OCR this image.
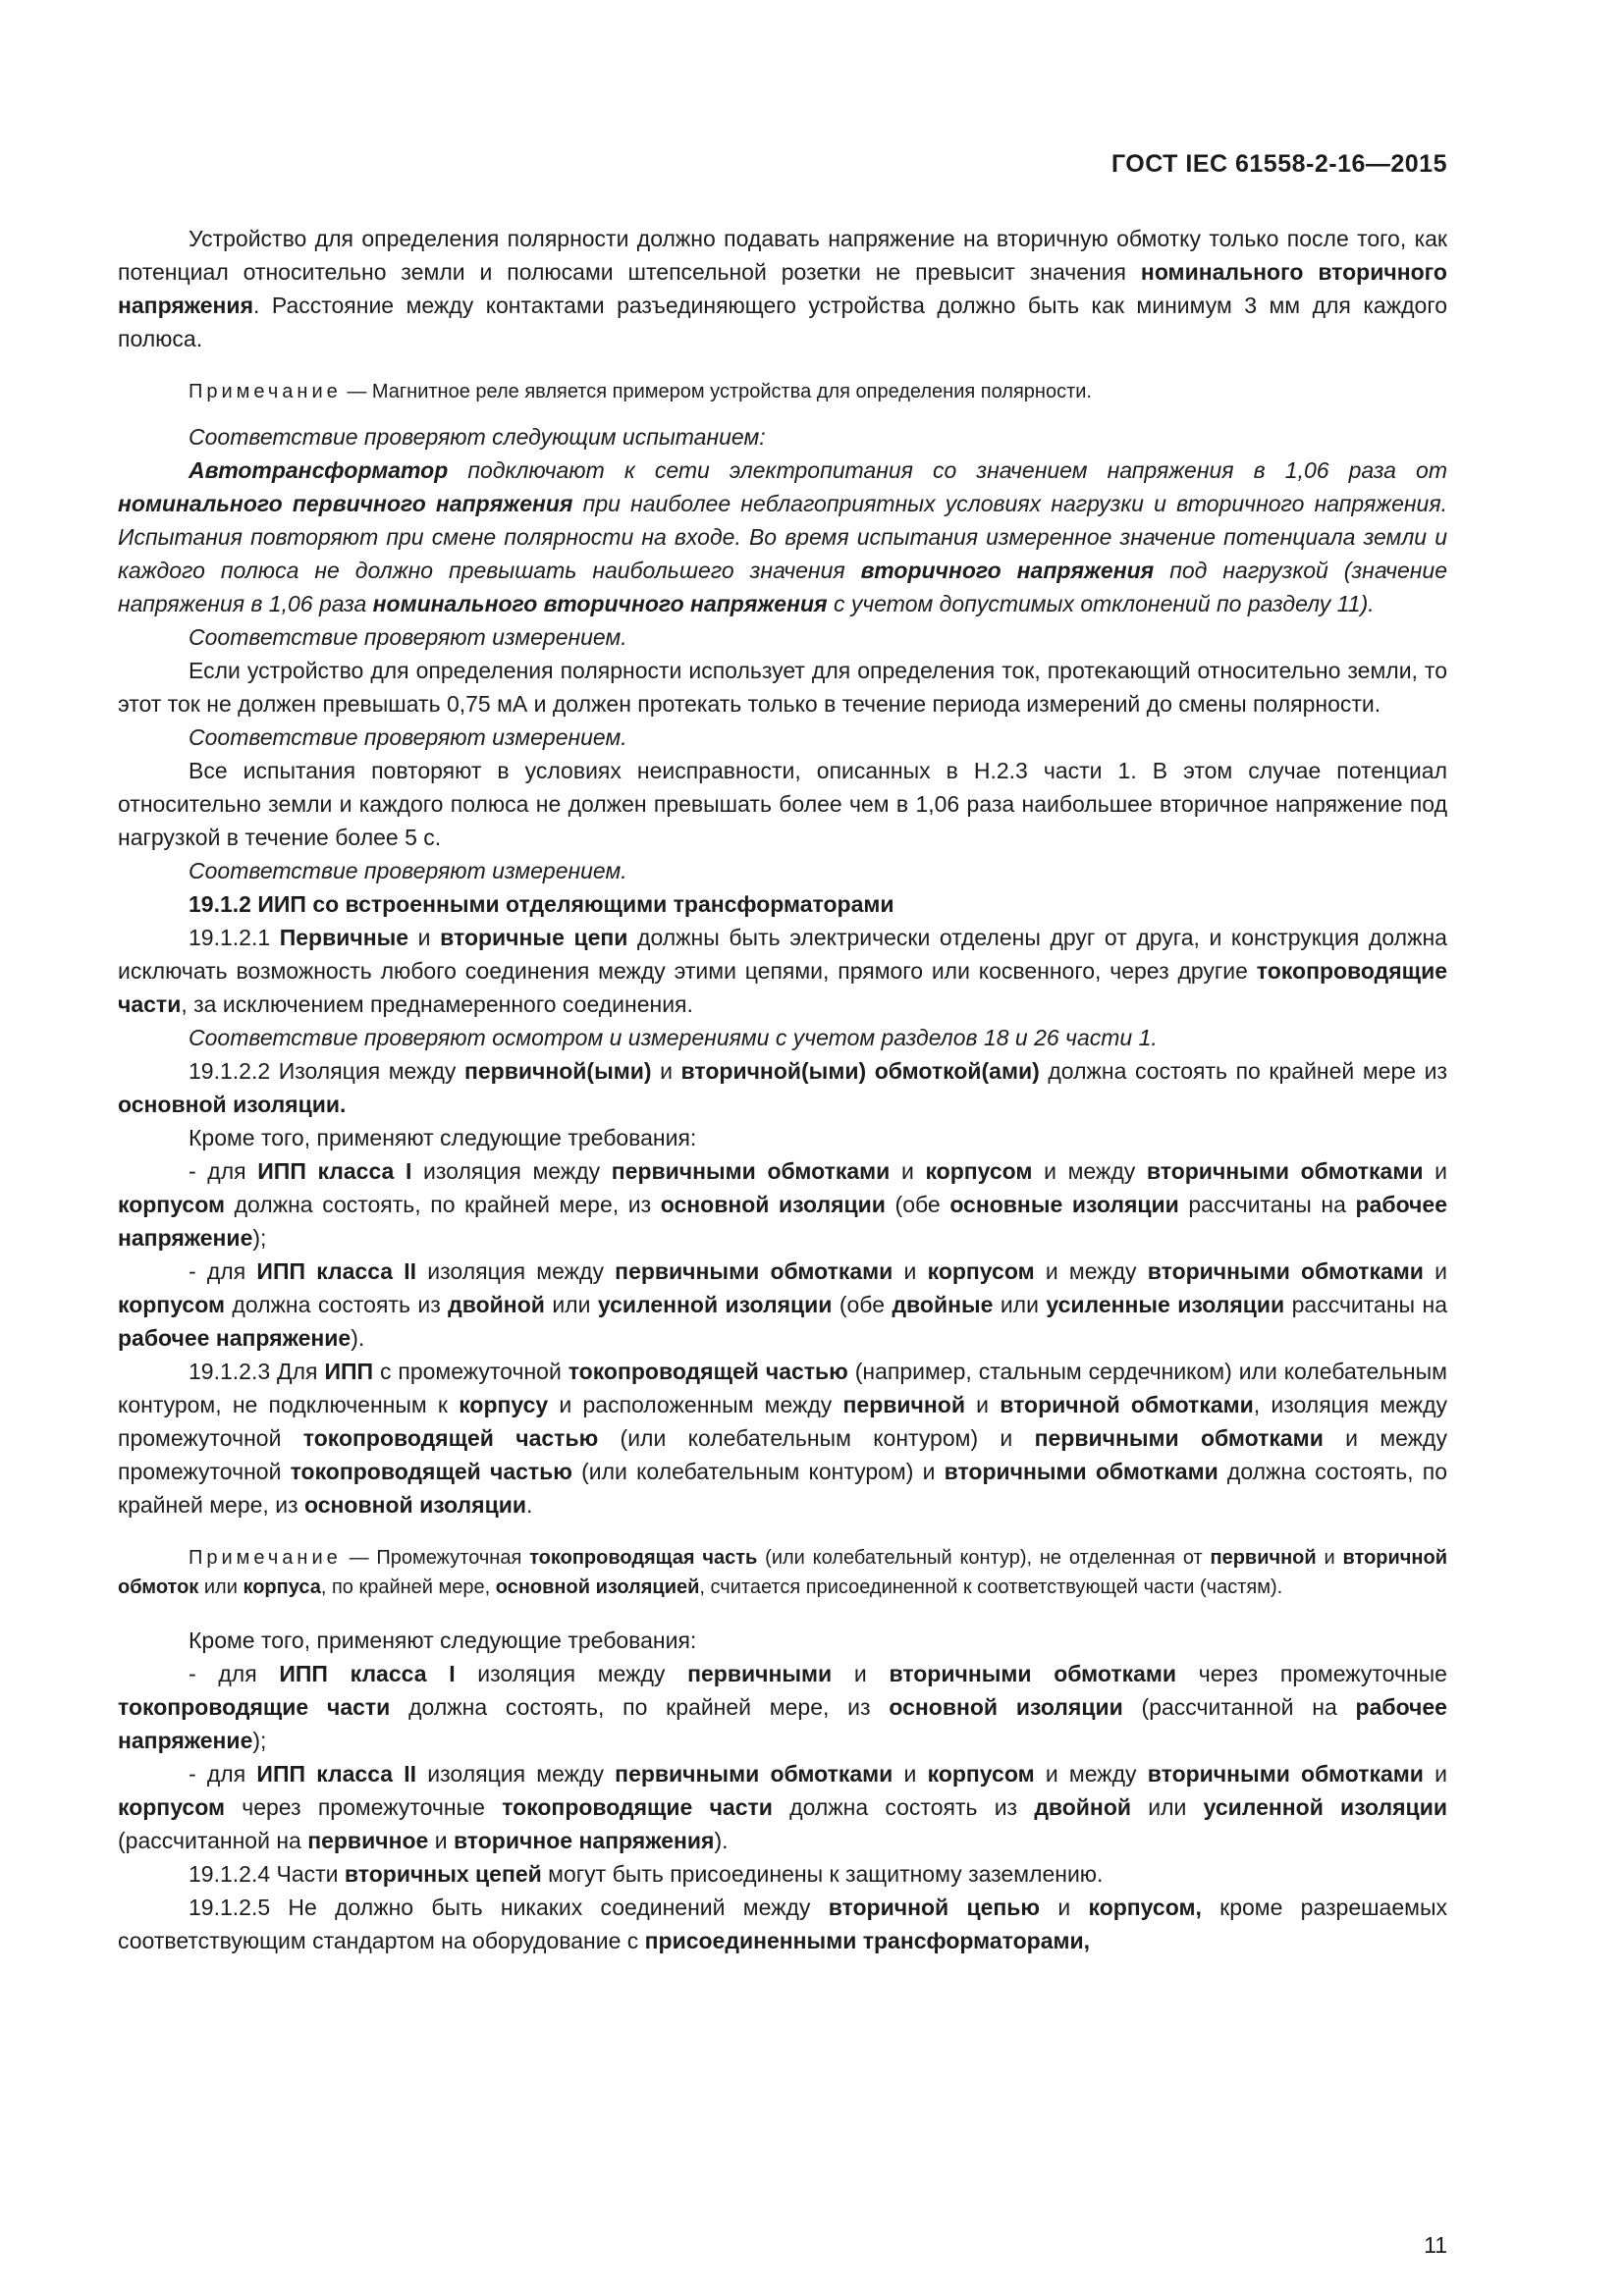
ГОСТ IEC 61558-2-16—2015

Устройство для определения полярности должно подавать напряжение на вторичную обмотку только после того, как потенциал относительно земли и полюсами штепсельной розетки не превысит значения номинального вторичного напряжения. Расстояние между контактами разъединяющего устройства должно быть как минимум 3 мм для каждого полюса.

Примечание — Магнитное реле является примером устройства для определения полярности.

Соответствие проверяют следующим испытанием:

Автотрансформатор подключают к сети электропитания со значением напряжения в 1,06 раза от номинального первичного напряжения при наиболее неблагоприятных условиях нагрузки и вторичного напряжения. Испытания повторяют при смене полярности на входе. Во время испытания измеренное значение потенциала земли и каждого полюса не должно превышать наибольшего значения вторичного напряжения под нагрузкой (значение напряжения в 1,06 раза номинального вторичного напряжения с учетом допустимых отклонений по разделу 11).

Соответствие проверяют измерением.

Если устройство для определения полярности использует для определения ток, протекающий относительно земли, то этот ток не должен превышать 0,75 мА и должен протекать только в течение периода измерений до смены полярности.

Соответствие проверяют измерением.

Все испытания повторяют в условиях неисправности, описанных в Н.2.3 части 1. В этом случае потенциал относительно земли и каждого полюса не должен превышать более чем в 1,06 раза наибольшее вторичное напряжение под нагрузкой в течение более 5 с.

Соответствие проверяют измерением.

19.1.2 ИИП со встроенными отделяющими трансформаторами

19.1.2.1 Первичные и вторичные цепи должны быть электрически отделены друг от друга, и конструкция должна исключать возможность любого соединения между этими цепями, прямого или косвенного, через другие токопроводящие части, за исключением преднамеренного соединения.

Соответствие проверяют осмотром и измерениями с учетом разделов 18 и 26 части 1.

19.1.2.2 Изоляция между первичной(ыми) и вторичной(ыми) обмоткой(ами) должна состоять по крайней мере из основной изоляции.

Кроме того, применяют следующие требования:

- для ИПП класса I изоляция между первичными обмотками и корпусом и между вторичными обмотками и корпусом должна состоять, по крайней мере, из основной изоляции (обе основные изоляции рассчитаны на рабочее напряжение);

- для ИПП класса II изоляция между первичными обмотками и корпусом и между вторичными обмотками и корпусом должна состоять из двойной или усиленной изоляции (обе двойные или усиленные изоляции рассчитаны на рабочее напряжение).

19.1.2.3 Для ИПП с промежуточной токопроводящей частью (например, стальным сердечником) или колебательным контуром, не подключенным к корпусу и расположенным между первичной и вторичной обмотками, изоляция между промежуточной токопроводящей частью (или колебательным контуром) и первичными обмотками и между промежуточной токопроводящей частью (или колебательным контуром) и вторичными обмотками должна состоять, по крайней мере, из основной изоляции.

Примечание — Промежуточная токопроводящая часть (или колебательный контур), не отделенная от первичной и вторичной обмоток или корпуса, по крайней мере, основной изоляцией, считается присоединенной к соответствующей части (частям).

Кроме того, применяют следующие требования:

- для ИПП класса I изоляция между первичными и вторичными обмотками через промежуточные токопроводящие части должна состоять, по крайней мере, из основной изоляции (рассчитанной на рабочее напряжение);

- для ИПП класса II изоляция между первичными обмотками и корпусом и между вторичными обмотками и корпусом через промежуточные токопроводящие части должна состоять из двойной или усиленной изоляции (рассчитанной на первичное и вторичное напряжения).

19.1.2.4 Части вторичных цепей могут быть присоединены к защитному заземлению.

19.1.2.5 Не должно быть никаких соединений между вторичной цепью и корпусом, кроме разрешаемых соответствующим стандартом на оборудование с присоединенными трансформаторами,

11
